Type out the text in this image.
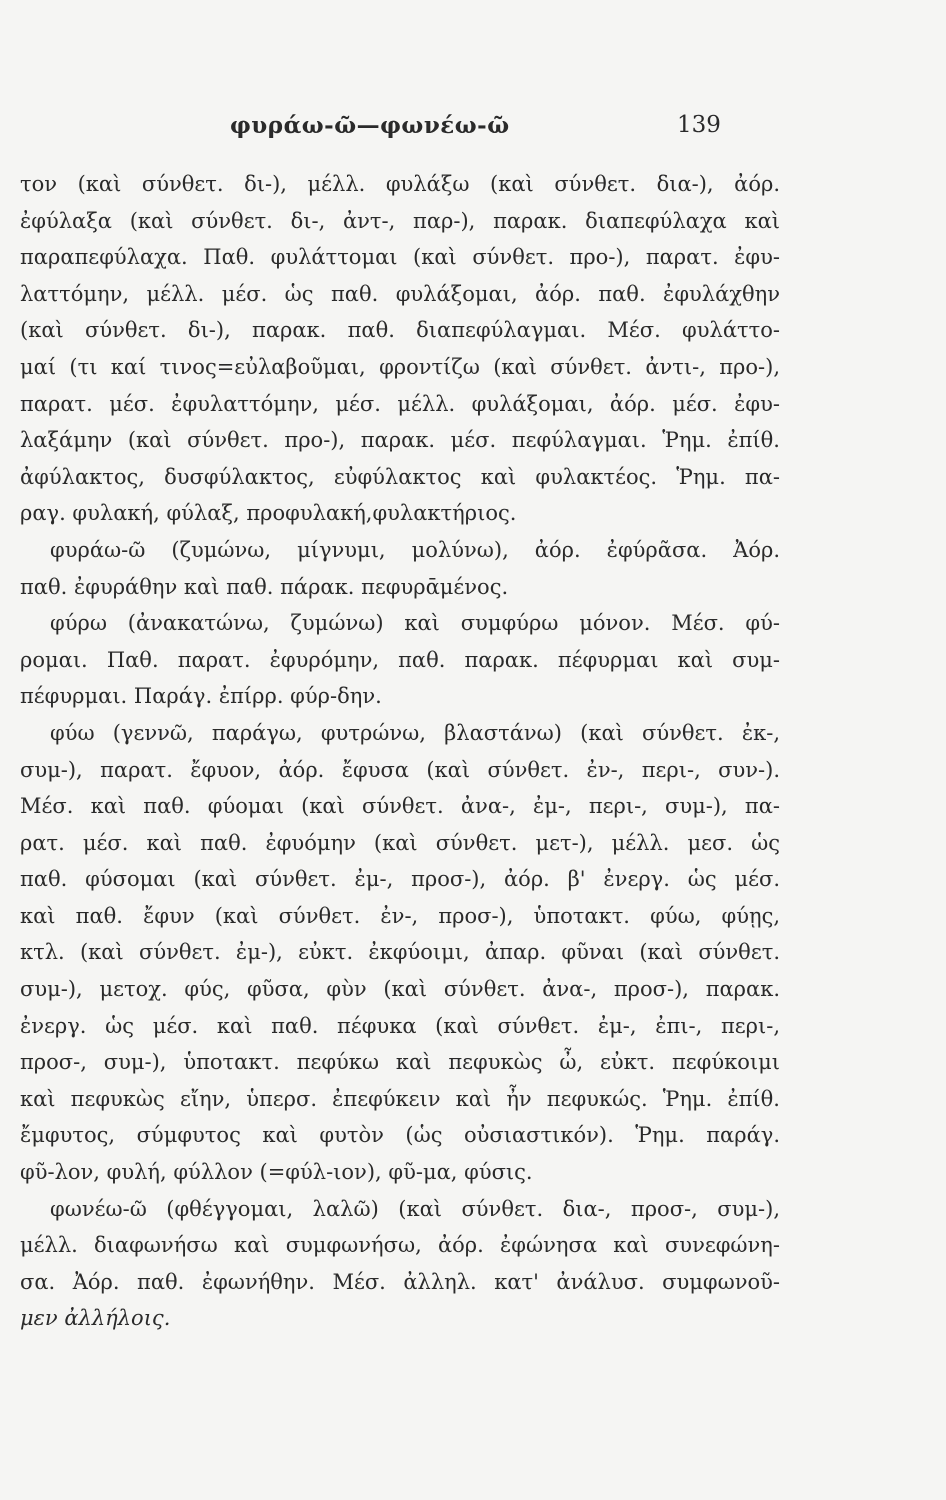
φυράω-ῶ—φωνέω-ῶ	139
τον (καὶ σύνθετ. δι-), μέλλ. φυλάξω (καὶ σύνθετ. δια-), ἀόρ.
ἐφύλαξα (καὶ σύνθετ. δι-, ἀντ-, παρ-), παρακ. διαπεφύλαχα καὶ
παραπεφύλαχα. Παθ. φυλάττομαι (καὶ σύνθετ. προ-), παρατ. ἐφυ-
λαττόμην, μέλλ. μέσ. ὡς παθ. φυλάξομαι, ἀόρ. παθ. ἐφυλάχθην
(καὶ σύνθετ. δι-), παρακ. παθ. διαπεφύλαγμαι. Μέσ. φυλάττο-
μαί (τι καί τινος=εὐλαβοῦμαι, φροντίζω (καὶ σύνθετ. ἀντι-, προ-),
παρατ. μέσ. ἐφυλαττόμην, μέσ. μέλλ. φυλάξομαι, ἀόρ. μέσ. ἐφυ-
λαξάμην (καὶ σύνθετ. προ-), παρακ. μέσ. πεφύλαγμαι. Ῥημ. ἐπίθ.
ἀφύλακτος, δυσφύλακτος, εὐφύλακτος καὶ φυλακτέος. Ῥημ. πα-
ραγ. φυλακή, φύλαξ, προφυλακή,φυλακτήριος.
φυράω-ῶ (ζυμώνω, μίγνυμι, μολύνω), ἀόρ. ἐφύρᾶσα. Ἀόρ.
παθ. ἐφυράθην καὶ παθ. πάρακ. πεφυρᾱμένος.
φύρω (ἀνακατώνω, ζυμώνω) καὶ συμφύρω μόνον. Μέσ. φύ-
ρομαι. Παθ. παρατ. ἐφυρόμην, παθ. παρακ. πέφυρμαι καὶ συμ-
πέφυρμαι. Παράγ. ἐπίρρ. φύρ-δην.
φύω (γεννῶ, παράγω, φυτρώνω, βλαστάνω) (καὶ σύνθετ. ἐκ-,
συμ-), παρατ. ἔφυον, ἀόρ. ἔφυσα (καὶ σύνθετ. ἐν-, περι-, συν-).
Μέσ. καὶ παθ. φύομαι (καὶ σύνθετ. ἀνα-, ἐμ-, περι-, συμ-), πα-
ρατ. μέσ. καὶ παθ. ἐφυόμην (καὶ σύνθετ. μετ-), μέλλ. μεσ. ὡς
παθ. φύσομαι (καὶ σύνθετ. ἐμ-, προσ-), ἀόρ. β' ἐνεργ. ὡς μέσ.
καὶ παθ. ἔφυν (καὶ σύνθετ. ἐν-, προσ-), ὑποτακτ. φύω, φύῃς,
κτλ. (καὶ σύνθετ. ἐμ-), εὐκτ. ἐκφύοιμι, ἀπαρ. φῦναι (καὶ σύνθετ.
συμ-), μετοχ. φύς, φῦσα, φὺν (καὶ σύνθετ. ἀνα-, προσ-), παρακ.
ἐνεργ. ὡς μέσ. καὶ παθ. πέφυκα (καὶ σύνθετ. ἐμ-, ἐπι-, περι-,
προσ-, συμ-), ὑποτακτ. πεφύκω καὶ πεφυκὼς ὦ, εὐκτ. πεφύκοιμι
καὶ πεφυκὼς εἴην, ὑπερσ. ἐπεφύκειν καὶ ἦν πεφυκώς. Ῥημ. ἐπίθ.
ἔμφυτος, σύμφυτος καὶ φυτὸν (ὡς οὐσιαστικόν). Ῥημ. παράγ.
φῦ-λον, φυλή, φύλλον (=φύλ-ιον), φῦ-μα, φύσις.
φωνέω-ῶ (φθέγγομαι, λαλῶ) (καὶ σύνθετ. δια-, προσ-, συμ-),
μέλλ. διαφωνήσω καὶ συμφωνήσω, ἀόρ. ἐφώνησα καὶ συνεφώνη-
σα. Ἀόρ. παθ. ἐφωνήθην. Μέσ. ἀλληλ. κατ' ἀνάλυσ. συμφωνοῦ-
μεν ἀλλήλοις.
